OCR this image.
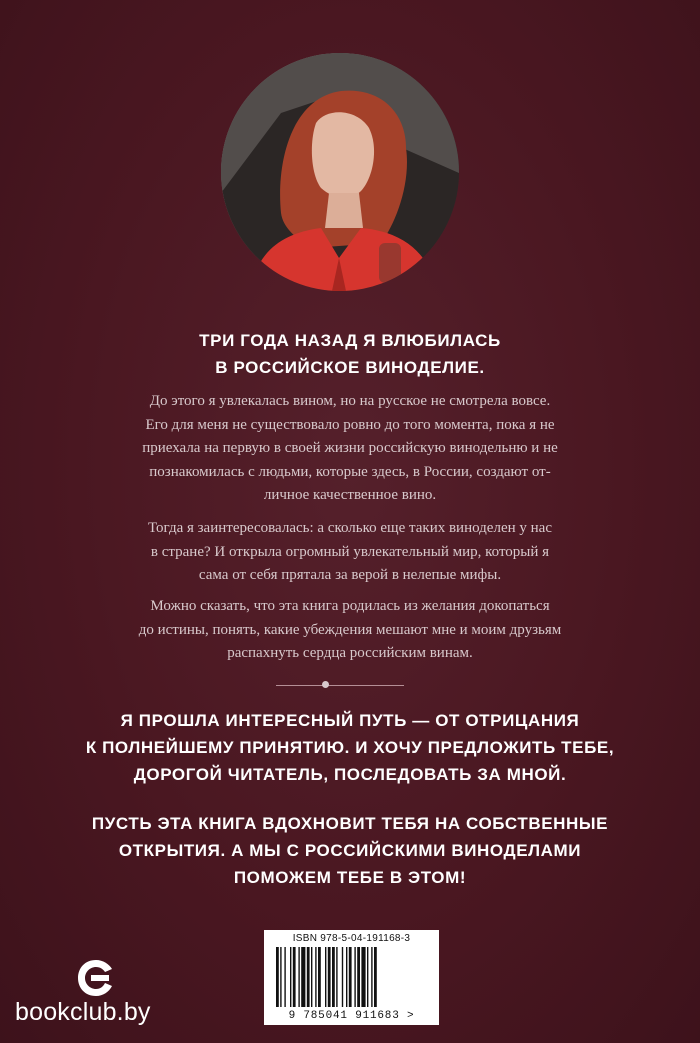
ТРИ ГОДА НАЗАД Я ВЛЮБИЛАСЬ
В РОССИЙСКОЕ ВИНОДЕЛИЕ.

До этого я увлекалась вином, но на русское не смотрела вовсе.
Его для меня не существовало ровно до того момента, пока я не
приехала на первую в своей жизни российскую винодельню и не
познакомилась с людьми, которые здесь, в России, создают от-
личное качественное вино.

Тогда я заинтересовалась: а сколько еще таких виноделен у нас
в стране? И открыла огромный увлекательный мир, который я
сама от себя прятала за верой в нелепые мифы.

Можно сказать, что эта книга родилась из желания докопаться
до истины, понять, какие убеждения мешают мне и моим друзьям
распахнуть сердца российским винам.

Я ПРОШЛА ИНТЕРЕСНЫЙ ПУТЬ — ОТ ОТРИЦАНИЯ
К ПОЛНЕЙШЕМУ ПРИНЯТИЮ. И ХОЧУ ПРЕДЛОЖИТЬ ТЕБЕ,
ДОРОГОЙ ЧИТАТЕЛЬ, ПОСЛЕДОВАТЬ ЗА МНОЙ.

ПУСТЬ ЭТА КНИГА ВДОХНОВИТ ТЕБЯ НА СОБСТВЕННЫЕ
ОТКРЫТИЯ. А МЫ С РОССИЙСКИМИ ВИНОДЕЛАМИ
ПОМОЖЕМ ТЕБЕ В ЭТОМ!

ISBN 978-5-04-191168-3
9 785041 911683 >
bookclub.by
